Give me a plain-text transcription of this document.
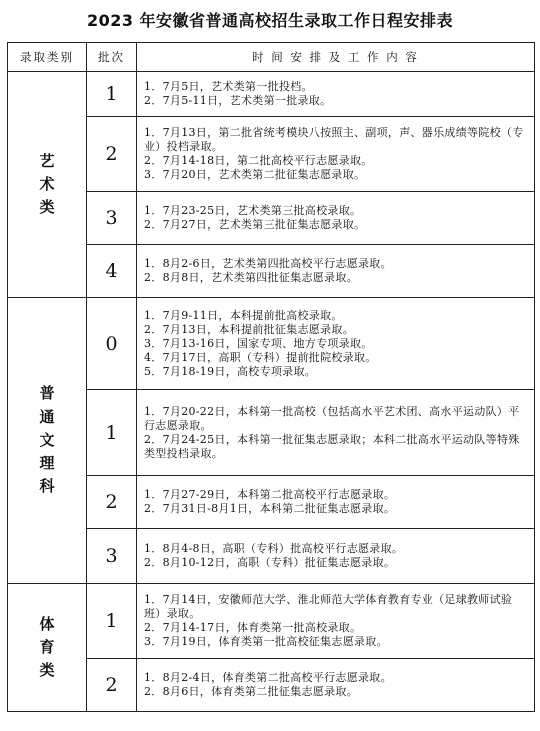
2023 年安徽省普通高校招生录取工作日程安排表
录取类别	批次	时 间 安 排 及 工 作 内 容
艺术类	1	1．7月5日，艺术类第一批投档。
2．7月5-11日，艺术类第一批录取。

	2	1．7月13日，第二批省统考模块八按照主、副项，声、器乐成绩等院校（专业）投档录取。
2．7月14-18日，第二批高校平行志愿录取。
3．7月20日，艺术类第二批征集志愿录取。

	3	1．7月23-25日，艺术类第三批高校录取。
2．7月27日，艺术类第三批征集志愿录取。

	4	1．8月2-6日，艺术类第四批高校平行志愿录取。
2．8月8日，艺术类第四批征集志愿录取。

普通文理科	0	1．7月9-11日，本科提前批高校录取。
2．7月13日，本科提前批征集志愿录取。
3．7月13-16日，国家专项、地方专项录取。
4．7月17日，高职（专科）提前批院校录取。
5．7月18-19日，高校专项录取。

	1	1．7月20-22日，本科第一批高校（包括高水平艺术团、高水平运动队）平行志愿录取。
2．7月24-25日，本科第一批征集志愿录取；本科二批高水平运动队等特殊类型投档录取。

	2	1．7月27-29日，本科第二批高校平行志愿录取。
2．7月31日-8月1日，本科第二批征集志愿录取。

	3	1．8月4-8日，高职（专科）批高校平行志愿录取。
2．8月10-12日，高职（专科）批征集志愿录取。

体育类	1	1．7月14日，安徽师范大学、淮北师范大学体育教育专业（足球教师试验班）录取。
2．7月14-17日，体育类第一批高校录取。
3．7月19日，体育类第一批高校征集志愿录取。

	2	1．8月2-4日，体育类第二批高校平行志愿录取。
2．8月6日，体育类第二批征集志愿录取。
